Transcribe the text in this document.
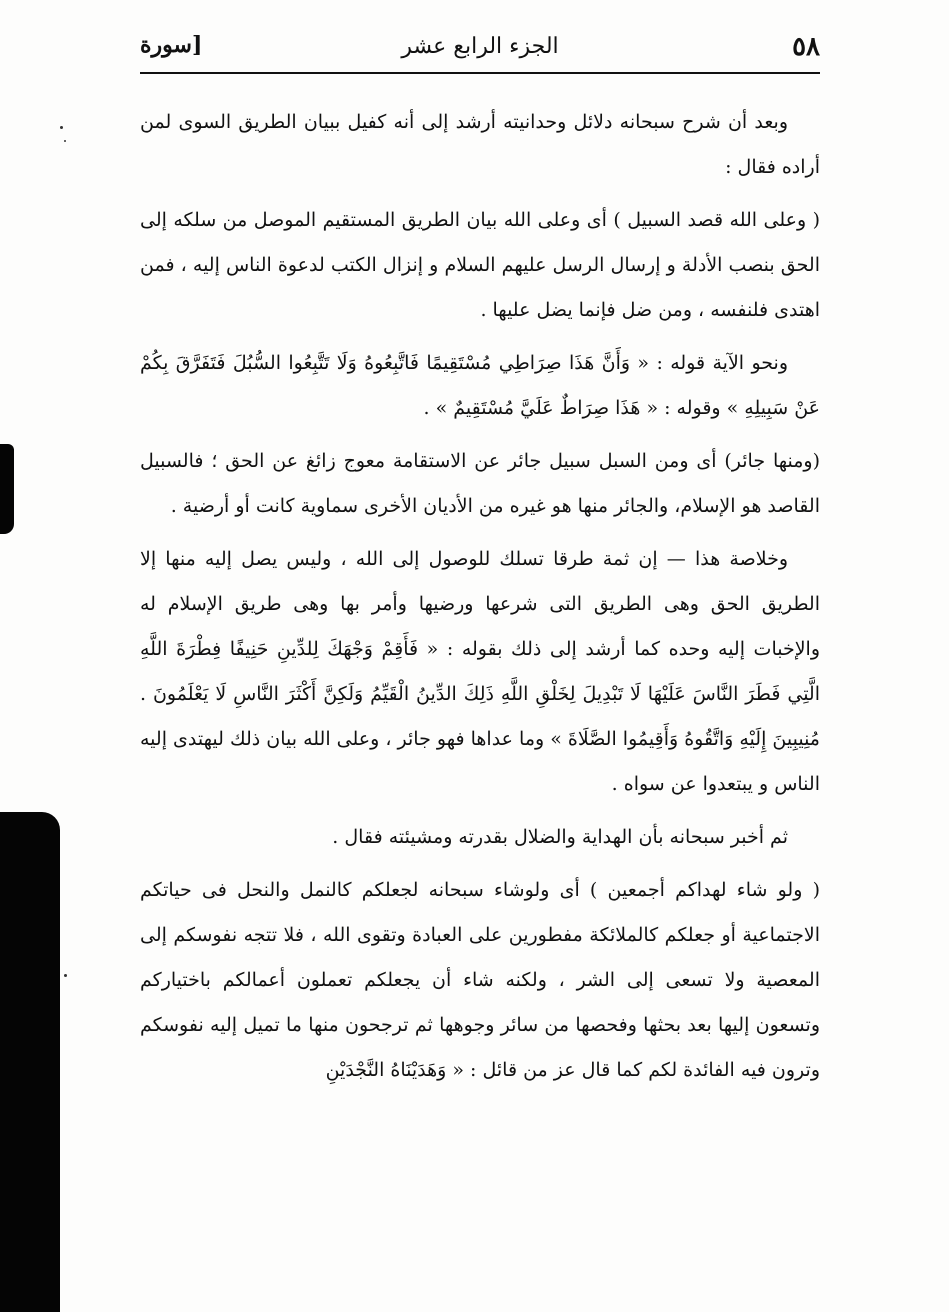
٥٨
الجزء الرابع عشر
[سورة

وبعد أن شرح سبحانه دلائل وحدانيته أرشد إلى أنه كفيل ببيان الطريق السوى لمن أراده فقال :

( وعلى الله قصد السبيل ) أى وعلى الله بيان الطريق المستقيم الموصل من سلكه إلى الحق بنصب الأدلة و إرسال الرسل عليهم السلام و إنزال الكتب لدعوة الناس إليه ، فمن اهتدى فلنفسه ، ومن ضل فإنما يضل عليها .

ونحو الآية قوله : « وَأَنَّ هَذَا صِرَاطِي مُسْتَقِيمًا فَاتَّبِعُوهُ وَلَا تَتَّبِعُوا السُّبُلَ فَتَفَرَّقَ بِكُمْ عَنْ سَبِيلِهِ » وقوله : « هَذَا صِرَاطٌ عَلَيَّ مُسْتَقِيمٌ » .

(ومنها جائر) أى ومن السبل سبيل جائر عن الاستقامة معوج زائغ عن الحق ؛ فالسبيل القاصد هو الإسلام، والجائر منها هو غيره من الأديان الأخرى سماوية كانت أو أرضية .

وخلاصة هذا — إن ثمة طرقا تسلك للوصول إلى الله ، وليس يصل إليه منها إلا الطريق الحق وهى الطريق التى شرعها ورضيها وأمر بها وهى طريق الإسلام له والإخبات إليه وحده كما أرشد إلى ذلك بقوله : « فَأَقِمْ وَجْهَكَ لِلدِّينِ حَنِيفًا فِطْرَةَ اللَّهِ الَّتِي فَطَرَ النَّاسَ عَلَيْهَا لَا تَبْدِيلَ لِخَلْقِ اللَّهِ ذَلِكَ الدِّينُ الْقَيِّمُ وَلَكِنَّ أَكْثَرَ النَّاسِ لَا يَعْلَمُونَ . مُنِيبِينَ إِلَيْهِ وَاتَّقُوهُ وَأَقِيمُوا الصَّلَاةَ » وما عداها فهو جائر ، وعلى الله بيان ذلك ليهتدى إليه الناس و يبتعدوا عن سواه .

ثم أخبر سبحانه بأن الهداية والضلال بقدرته ومشيئته فقال .

( ولو شاء لهداكم أجمعين ) أى ولوشاء سبحانه لجعلكم كالنمل والنحل فى حياتكم الاجتماعية أو جعلكم كالملائكة مفطورين على العبادة وتقوى الله ، فلا تتجه نفوسكم إلى المعصية ولا تسعى إلى الشر ، ولكنه شاء أن يجعلكم تعملون أعمالكم باختياركم وتسعون إليها بعد بحثها وفحصها من سائر وجوهها ثم ترجحون منها ما تميل إليه نفوسكم وترون فيه الفائدة لكم كما قال عز من قائل : « وَهَدَيْنَاهُ النَّجْدَيْنِ
